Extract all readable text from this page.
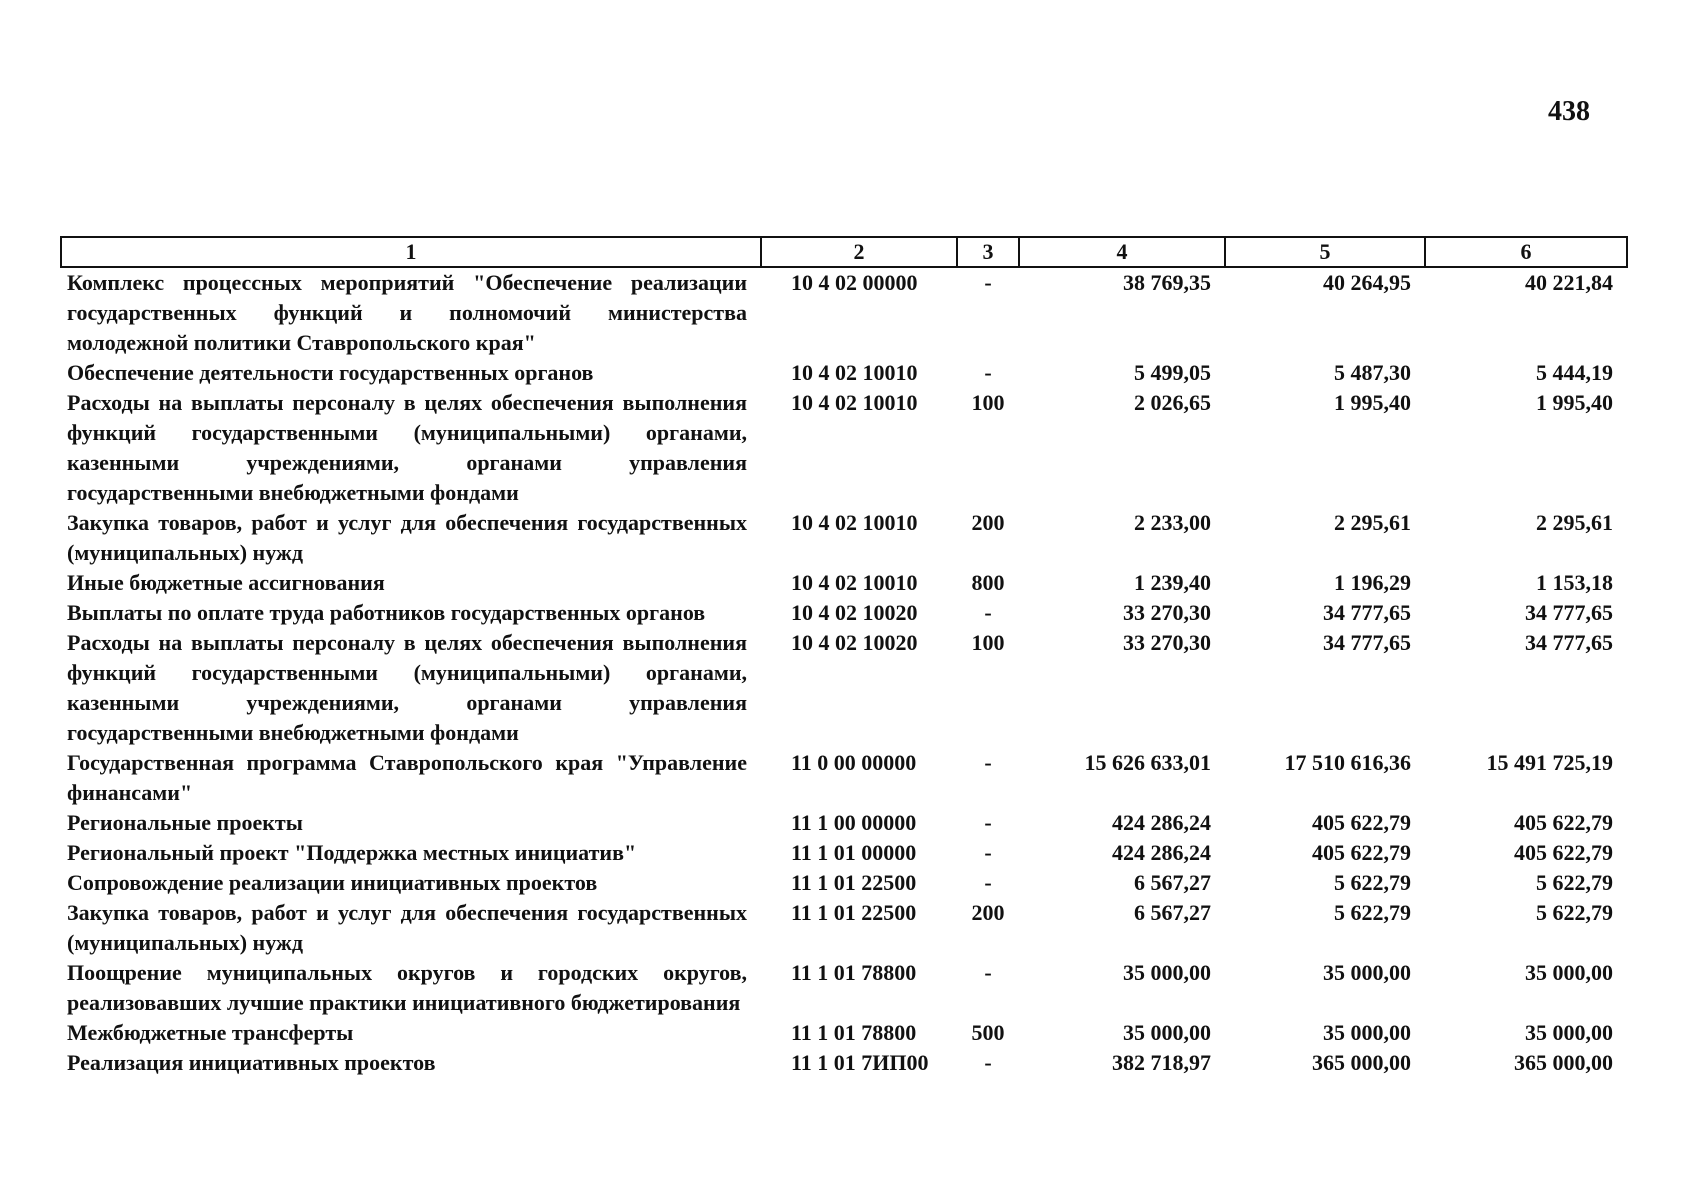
438
1	2	3	4	5	6
Комплекс процессных мероприятий "Обеспечение реализации государственных функций и полномочий министерства молодежной политики Ставропольского края"	10 4 02 00000	-	38 769,35	40 264,95	40 221,84
Обеспечение деятельности государственных органов	10 4 02 10010	-	5 499,05	5 487,30	5 444,19
Расходы на выплаты персоналу в целях обеспечения выполнения функций государственными (муниципальными) органами, казенными учреждениями, органами управления государственными внебюджетными фондами	10 4 02 10010	100	2 026,65	1 995,40	1 995,40
Закупка товаров, работ и услуг для обеспечения государственных (муниципальных) нужд	10 4 02 10010	200	2 233,00	2 295,61	2 295,61
Иные бюджетные ассигнования	10 4 02 10010	800	1 239,40	1 196,29	1 153,18
Выплаты по оплате труда работников государственных органов	10 4 02 10020	-	33 270,30	34 777,65	34 777,65
Расходы на выплаты персоналу в целях обеспечения выполнения функций государственными (муниципальными) органами, казенными учреждениями, органами управления государственными внебюджетными фондами	10 4 02 10020	100	33 270,30	34 777,65	34 777,65
Государственная программа Ставропольского края "Управление финансами"	11 0 00 00000	-	15 626 633,01	17 510 616,36	15 491 725,19
Региональные проекты	11 1 00 00000	-	424 286,24	405 622,79	405 622,79
Региональный проект "Поддержка местных инициатив"	11 1 01 00000	-	424 286,24	405 622,79	405 622,79
Сопровождение реализации инициативных проектов	11 1 01 22500	-	6 567,27	5 622,79	5 622,79
Закупка товаров, работ и услуг для обеспечения государственных (муниципальных) нужд	11 1 01 22500	200	6 567,27	5 622,79	5 622,79
Поощрение муниципальных округов и городских округов, реализовавших лучшие практики инициативного бюджетирования	11 1 01 78800	-	35 000,00	35 000,00	35 000,00
Межбюджетные трансферты	11 1 01 78800	500	35 000,00	35 000,00	35 000,00
Реализация инициативных проектов	11 1 01 7ИП00	-	382 718,97	365 000,00	365 000,00
